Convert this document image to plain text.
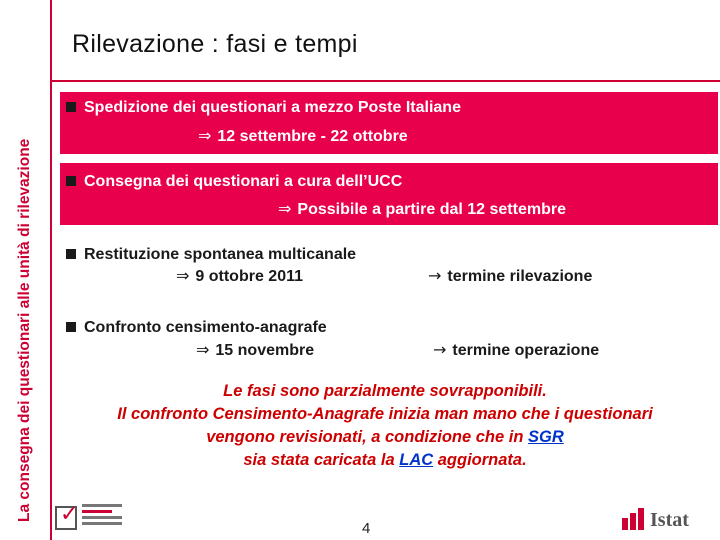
La consegna dei questionari alle unità di rilevazione
Rilevazione : fasi e tempi
Spedizione dei questionari a mezzo Poste Italiane
⇒ 12 settembre - 22 ottobre
Consegna dei questionari a cura dell’UCC
⇒ Possibile a partire dal 12 settembre
Restituzione spontanea multicanale
⇒ 9 ottobre 2011	→ termine rilevazione
Confronto censimento-anagrafe
⇒ 15 novembre	→ termine operazione
Le fasi sono parzialmente sovrapponibili.
Il confronto Censimento-Anagrafe inizia man mano che i questionari
vengono revisionati, a condizione che in SGR
sia stata caricata la LAC aggiornata.
✓
4	Istat
